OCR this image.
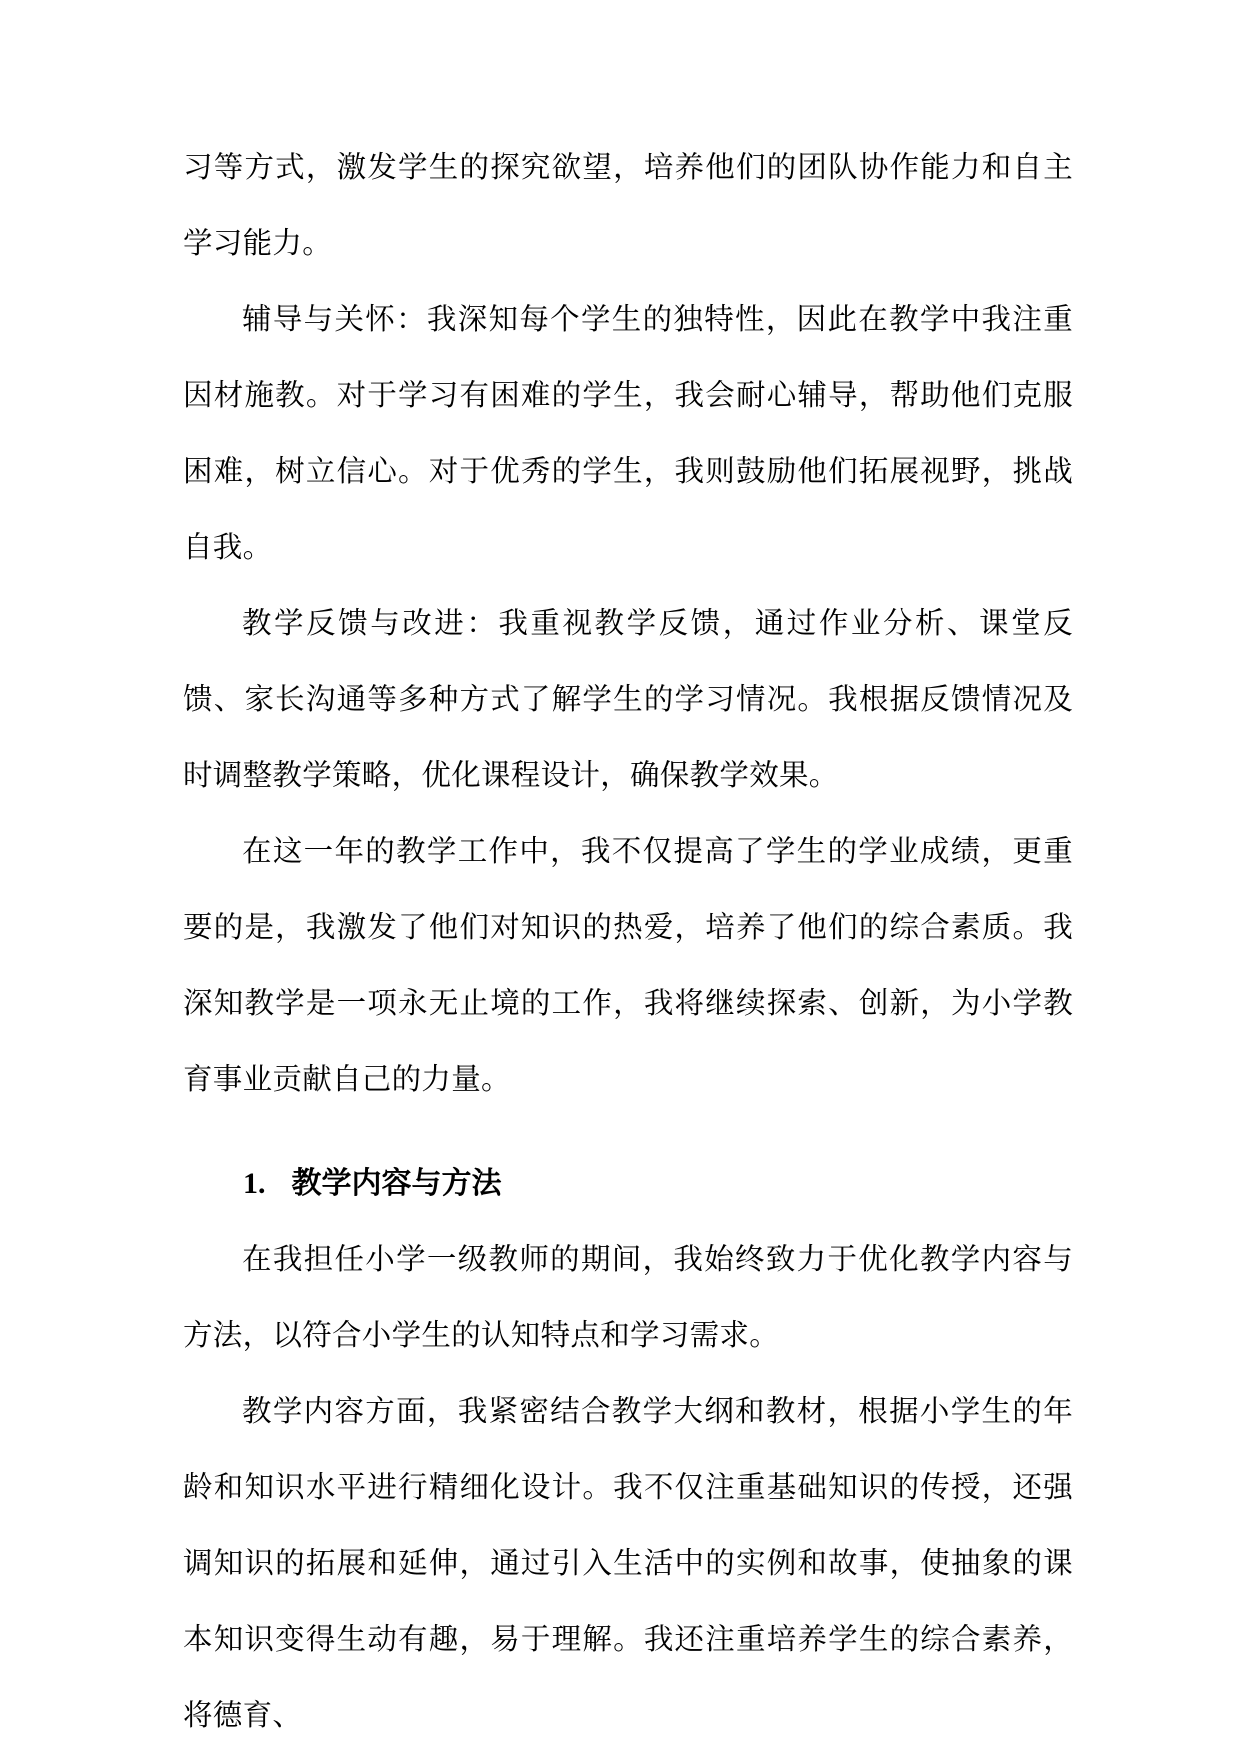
习等方式，激发学生的探究欲望，培养他们的团队协作能力和自主学习能力。

辅导与关怀：我深知每个学生的独特性，因此在教学中我注重因材施教。对于学习有困难的学生，我会耐心辅导，帮助他们克服困难，树立信心。对于优秀的学生，我则鼓励他们拓展视野，挑战自我。

教学反馈与改进：我重视教学反馈，通过作业分析、课堂反馈、家长沟通等多种方式了解学生的学习情况。我根据反馈情况及时调整教学策略，优化课程设计，确保教学效果。

在这一年的教学工作中，我不仅提高了学生的学业成绩，更重要的是，我激发了他们对知识的热爱，培养了他们的综合素质。我深知教学是一项永无止境的工作，我将继续探索、创新，为小学教育事业贡献自己的力量。

1. 教学内容与方法

在我担任小学一级教师的期间，我始终致力于优化教学内容与方法，以符合小学生的认知特点和学习需求。

教学内容方面，我紧密结合教学大纲和教材，根据小学生的年龄和知识水平进行精细化设计。我不仅注重基础知识的传授，还强调知识的拓展和延伸，通过引入生活中的实例和故事，使抽象的课本知识变得生动有趣，易于理解。我还注重培养学生的综合素养，将德育、
